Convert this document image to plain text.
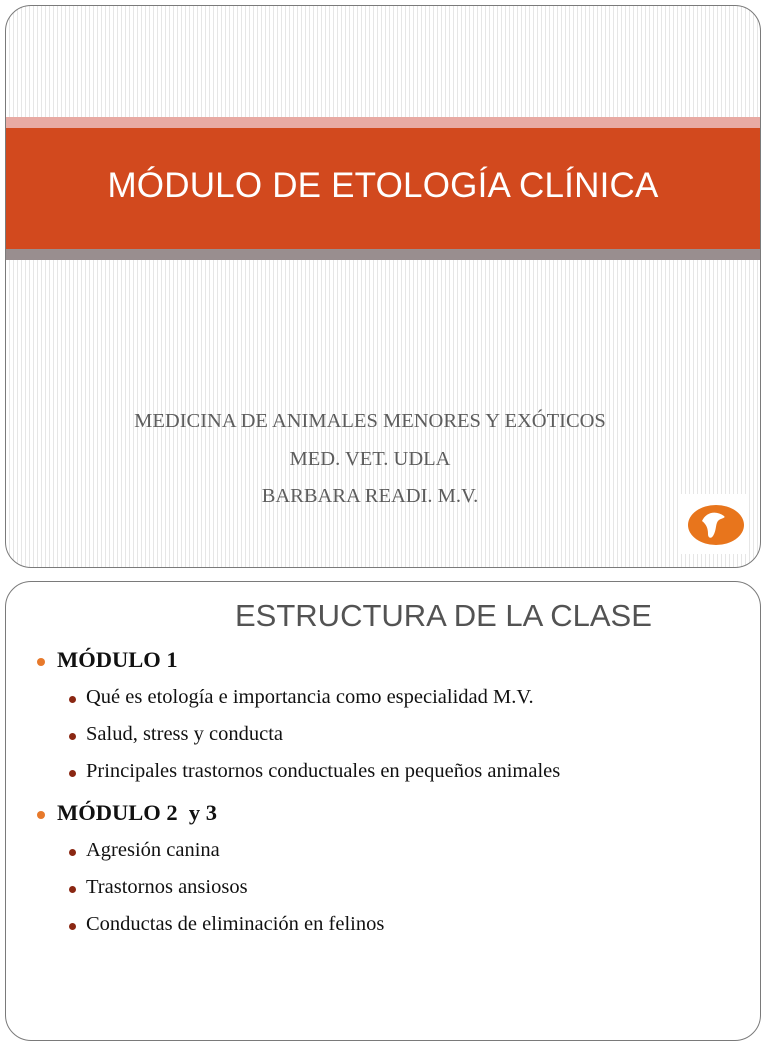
MÓDULO DE ETOLOGÍA CLÍNICA

MEDICINA DE ANIMALES MENORES Y EXÓTICOS

MED. VET. UDLA

BARBARA READI. M.V.

ESTRUCTURA DE LA CLASE
MÓDULO 1
Qué es etología e importancia como especialidad M.V.
Salud, stress y conducta
Principales trastornos conductuales en pequeños animales
MÓDULO 2  y 3
Agresión canina
Trastornos ansiosos
Conductas de eliminación en felinos
